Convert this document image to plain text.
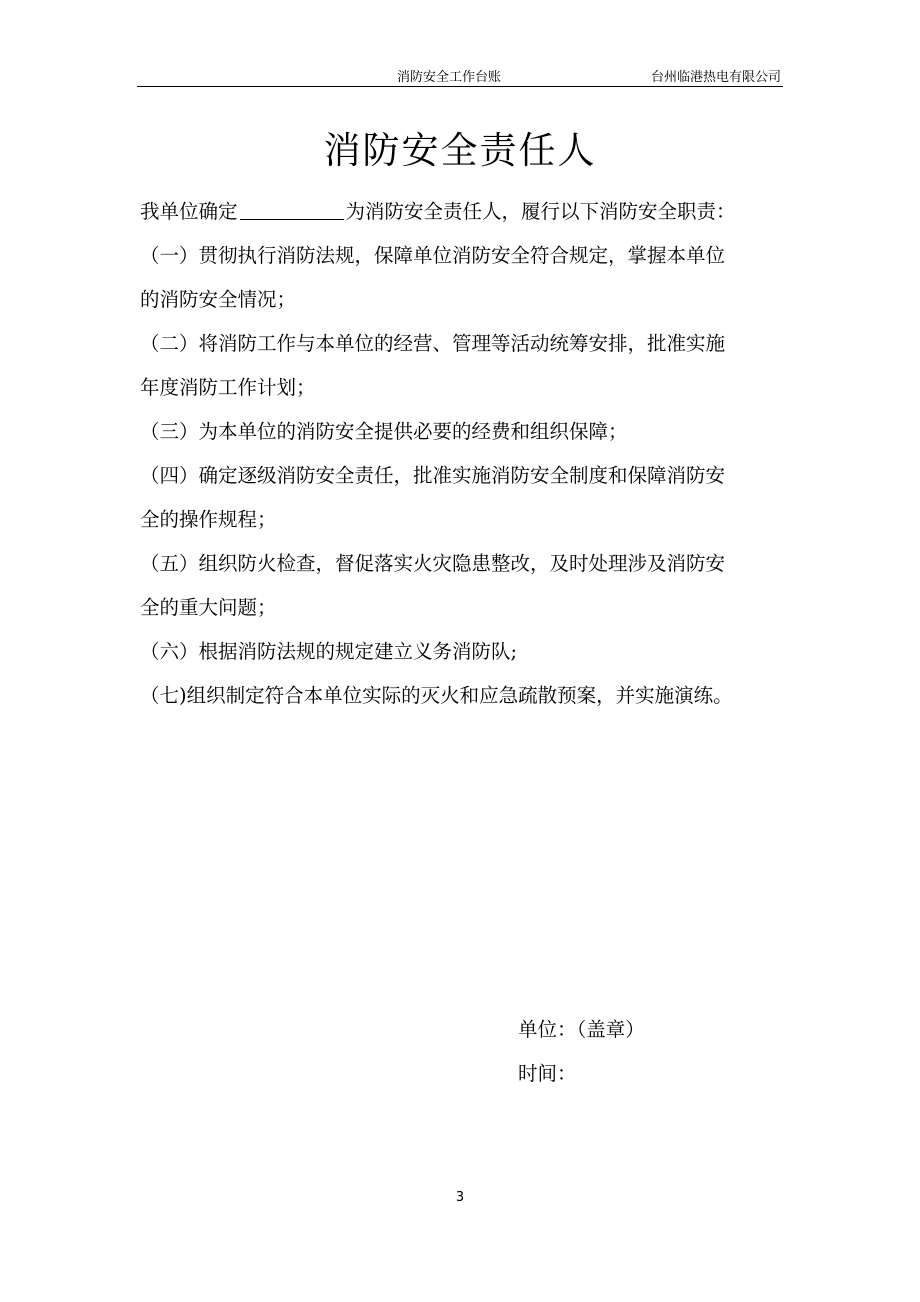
消防安全工作台账	台州临港热电有限公司
消防安全责任人
我单位确定	为消防安全责任人，履行以下消防安全职责：
（一）贯彻执行消防法规，保障单位消防安全符合规定，掌握本单位
的消防安全情况；
（二）将消防工作与本单位的经营、管理等活动统筹安排，批准实施
年度消防工作计划；
（三）为本单位的消防安全提供必要的经费和组织保障；
（四）确定逐级消防安全责任，批准实施消防安全制度和保障消防安
全的操作规程；
（五）组织防火检查，督促落实火灾隐患整改，及时处理涉及消防安
全的重大问题；
（六）根据消防法规的规定建立义务消防队;
（七)组织制定符合本单位实际的灭火和应急疏散预案，并实施演练。
单位：（盖章）
时间：
3
